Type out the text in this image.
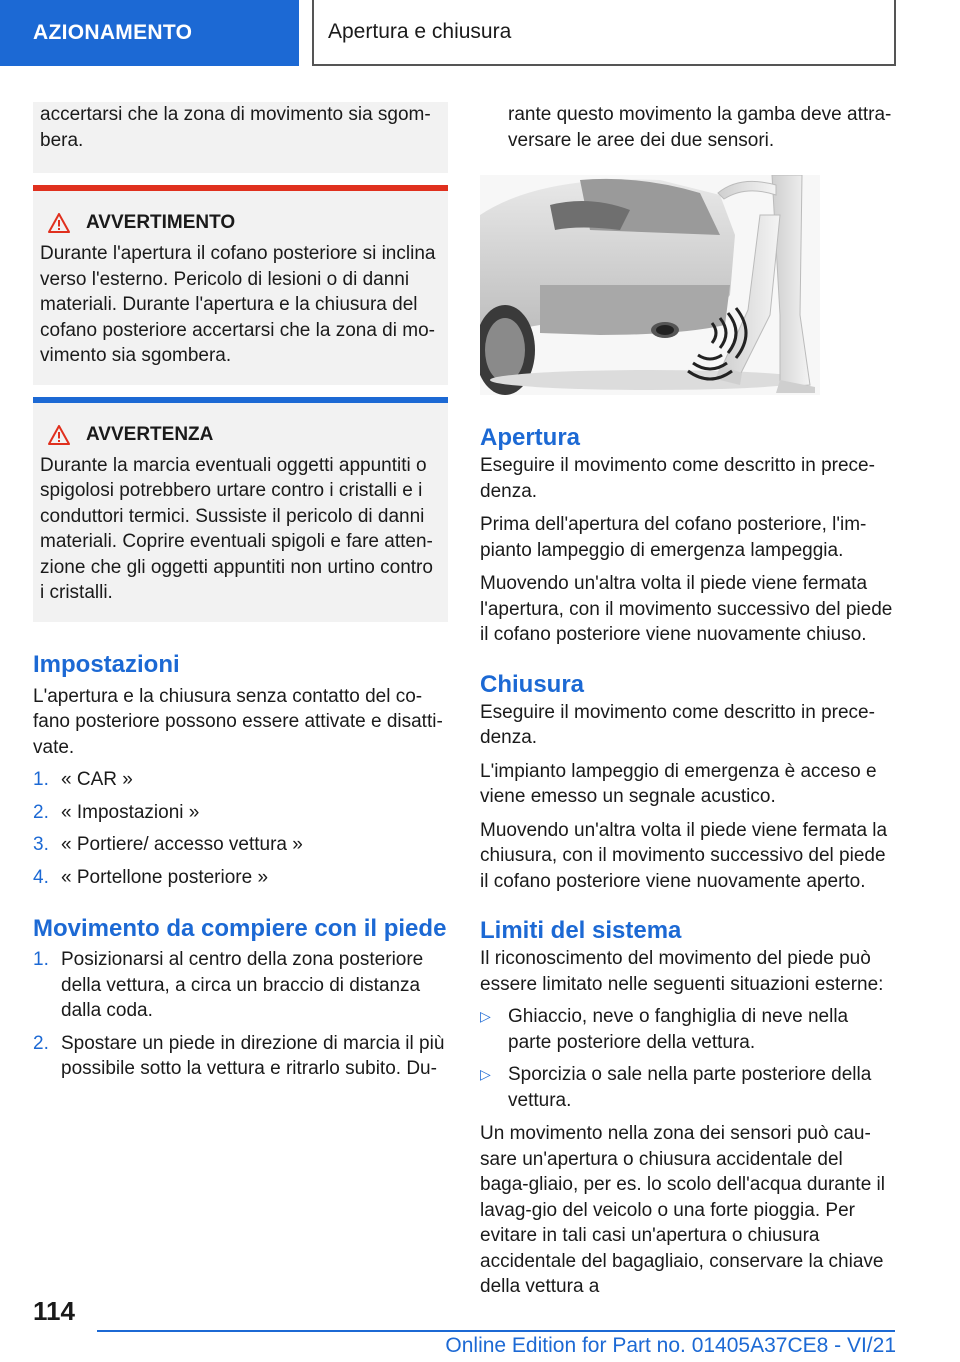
AZIONAMENTO	Apertura e chiusura

accertarsi che la zona di movimento sia sgom-bera.

AVVERTIMENTO

Durante l'apertura il cofano posteriore si inclina verso l'esterno. Pericolo di lesioni o di danni materiali. Durante l'apertura e la chiusura del cofano posteriore accertarsi che la zona di mo-vimento sia sgombera.

AVVERTENZA

Durante la marcia eventuali oggetti appuntiti o spigolosi potrebbero urtare contro i cristalli e i conduttori termici. Sussiste il pericolo di danni materiali. Coprire eventuali spigoli e fare atten-zione che gli oggetti appuntiti non urtino contro i cristalli.

Impostazioni

L'apertura e la chiusura senza contatto del co-fano posteriore possono essere attivate e disatti-vate.

1. « CAR »
2. « Impostazioni »
3. « Portiere/ accesso vettura »
4. « Portellone posteriore »
Movimento da compiere con il piede
1. Posizionarsi al centro della zona posteriore della vettura, a circa un braccio di distanza dalla coda.
2. Spostare un piede in direzione di marcia il più possibile sotto la vettura e ritrarlo subito. Du-

rante questo movimento la gamba deve attra-versare le aree dei due sensori.

Apertura

Eseguire il movimento come descritto in prece-denza.

Prima dell'apertura del cofano posteriore, l'im-pianto lampeggio di emergenza lampeggia.

Muovendo un'altra volta il piede viene fermata l'apertura, con il movimento successivo del piede il cofano posteriore viene nuovamente chiuso.

Chiusura

Eseguire il movimento come descritto in prece-denza.

L'impianto lampeggio di emergenza è acceso e viene emesso un segnale acustico.

Muovendo un'altra volta il piede viene fermata la chiusura, con il movimento successivo del piede il cofano posteriore viene nuovamente aperto.

Limiti del sistema

Il riconoscimento del movimento del piede può essere limitato nelle seguenti situazioni esterne:

▷ Ghiaccio, neve o fanghiglia di neve nella parte posteriore della vettura.
▷ Sporcizia o sale nella parte posteriore della vettura.

Un movimento nella zona dei sensori può cau-sare un'apertura o chiusura accidentale del baga-gliaio, per es. lo scolo dell'acqua durante il lavag-gio del veicolo o una forte pioggia. Per evitare in tali casi un'apertura o chiusura accidentale del bagagliaio, conservare la chiave della vettura a

114
Online Edition for Part no. 01405A37CE8 - VI/21
